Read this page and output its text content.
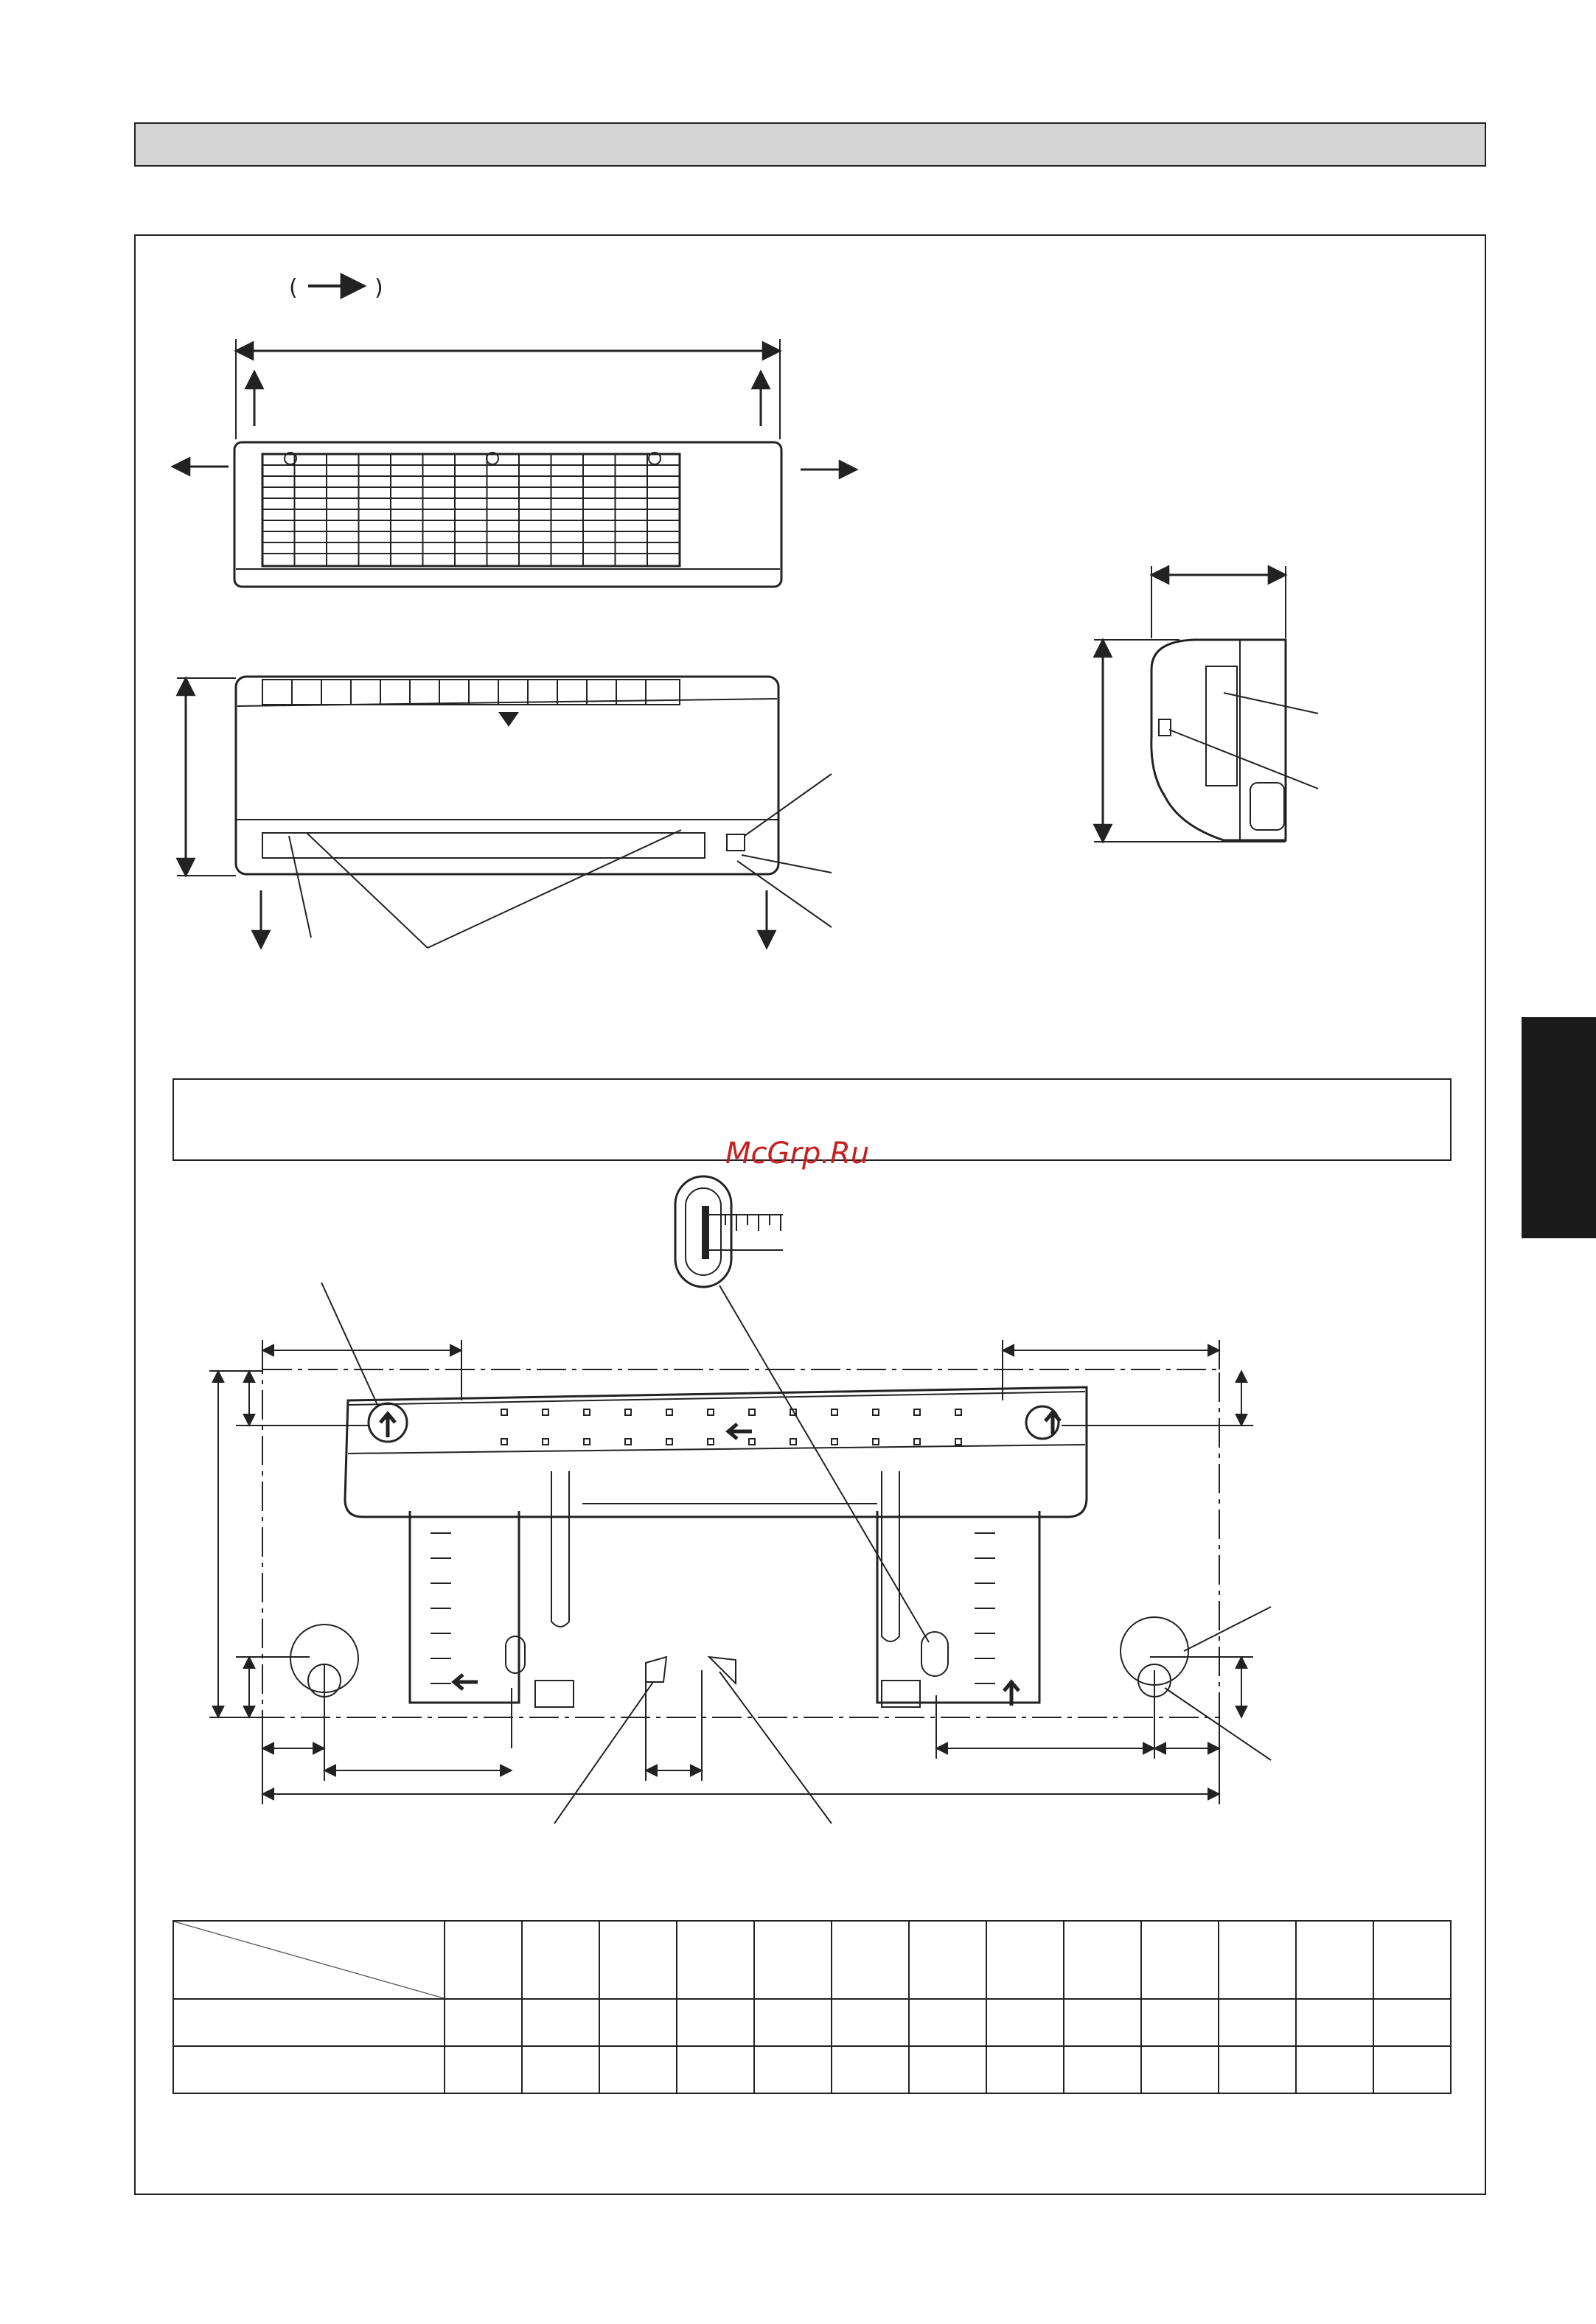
(	)
McGrp.Ru
